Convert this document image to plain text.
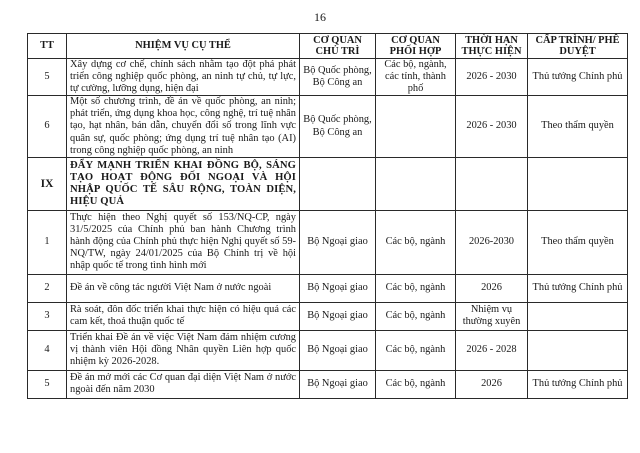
16
TT	NHIỆM VỤ CỤ THỂ	CƠ QUAN CHỦ TRÌ	CƠ QUAN PHỐI HỢP	THỜI HẠN THỰC HIỆN	CẤP TRÌNH/ PHÊ DUYỆT
5	Xây dựng cơ chế, chính sách nhằm tạo đột phá phát triển công nghiệp quốc phòng, an ninh tự chủ, tự lực, tự cường, lưỡng dụng, hiện đại	Bộ Quốc phòng, Bộ Công an	Các bộ, ngành, các tỉnh, thành phố	2026 - 2030	Thủ tướng Chính phủ
6	Một số chương trình, đề án về quốc phòng, an ninh; phát triển, ứng dụng khoa học, công nghệ, trí tuệ nhân tạo, hạt nhân, bán dẫn, chuyển đổi số trong lĩnh vực quân sự, quốc phòng; ứng dụng trí tuệ nhân tạo (AI) trong công nghiệp quốc phòng, an ninh	Bộ Quốc phòng, Bộ Công an		2026 - 2030	Theo thẩm quyền
IX	ĐẨY MẠNH TRIỂN KHAI ĐỒNG BỘ, SÁNG TẠO HOẠT ĐỘNG ĐỐI NGOẠI VÀ HỘI NHẬP QUỐC TẾ SÂU RỘNG, TOÀN DIỆN, HIỆU QUẢ				
1	Thực hiện theo Nghị quyết số 153/NQ-CP, ngày 31/5/2025 của Chính phủ ban hành Chương trình hành động của Chính phủ thực hiện Nghị quyết số 59-NQ/TW, ngày 24/01/2025 của Bộ Chính trị về hội nhập quốc tế trong tình hình mới	Bộ Ngoại giao	Các bộ, ngành	2026-2030	Theo thẩm quyền
2	Đề án về công tác người Việt Nam ở nước ngoài	Bộ Ngoại giao	Các bộ, ngành	2026	Thủ tướng Chính phủ
3	Rà soát, đôn đốc triển khai thực hiện có hiệu quả các cam kết, thoả thuận quốc tế	Bộ Ngoại giao	Các bộ, ngành	Nhiệm vụ thường xuyên	
4	Triển khai Đề án về việc Việt Nam đảm nhiệm cương vị thành viên Hội đồng Nhân quyền Liên hợp quốc nhiệm kỳ 2026-2028.	Bộ Ngoại giao	Các bộ, ngành	2026 - 2028	
5	Đề án mở mới các Cơ quan đại diện Việt Nam ở nước ngoài đến năm 2030	Bộ Ngoại giao	Các bộ, ngành	2026	Thủ tướng Chính phủ
